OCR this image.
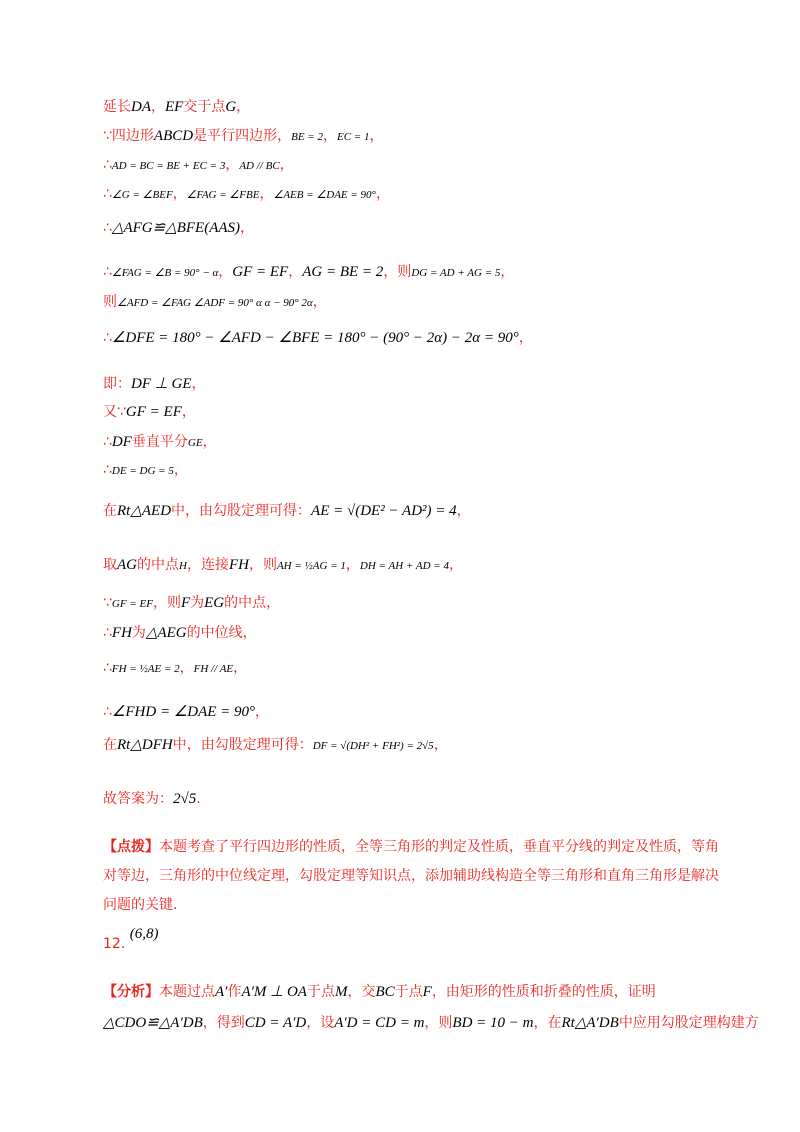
延长DA，EF交于点G，
∵四边形ABCD是平行四边形，BE = 2，EC = 1，
∴AD = BC = BE + EC = 3，AD // BC，
∴∠G = ∠BEF，∠FAG = ∠FBE，∠AEB = ∠DAE = 90°，
∴△AFG≌△BFE(AAS)，
∴∠FAG = ∠B = 90° − α，GF = EF，AG = BE = 2，则DG = AD + AG = 5，
则∠AFD = ∠FAG ∠ADF = 90° α α − 90° 2α，
∴∠DFE = 180° − ∠AFD − ∠BFE = 180° − (90° − 2α) − 2α = 90°，
即：DF ⊥ GE，
又∵GF = EF，
∴DF垂直平分GE，
∴DE = DG = 5，
在Rt△AED中，由勾股定理可得：AE = √(DE² − AD²) = 4，
取AG的中点H，连接FH，则AH = ½AG = 1，DH = AH + AD = 4，
∵GF = EF，则F为EG的中点，
∴FH为△AEG的中位线，
∴FH = ½AE = 2，FH // AE，
∴∠FHD = ∠DAE = 90°，
在Rt△DFH中，由勾股定理可得：DF = √(DH² + FH²) = 2√5，
故答案为：2√5.
【点拨】本题考查了平行四边形的性质，全等三角形的判定及性质，垂直平分线的判定及性质，等角对等边，三角形的中位线定理，勾股定理等知识点，添加辅助线构造全等三角形和直角三角形是解决问题的关键.
12. (6,8)
【分析】本题过点A′作A′M ⊥ OA于点M，交BC于点F，由矩形的性质和折叠的性质，证明
△CDO≌△A′DB，得到CD = A′D，设A′D = CD = m，则BD = 10 − m，在Rt△A′DB中应用勾股定理构建方
